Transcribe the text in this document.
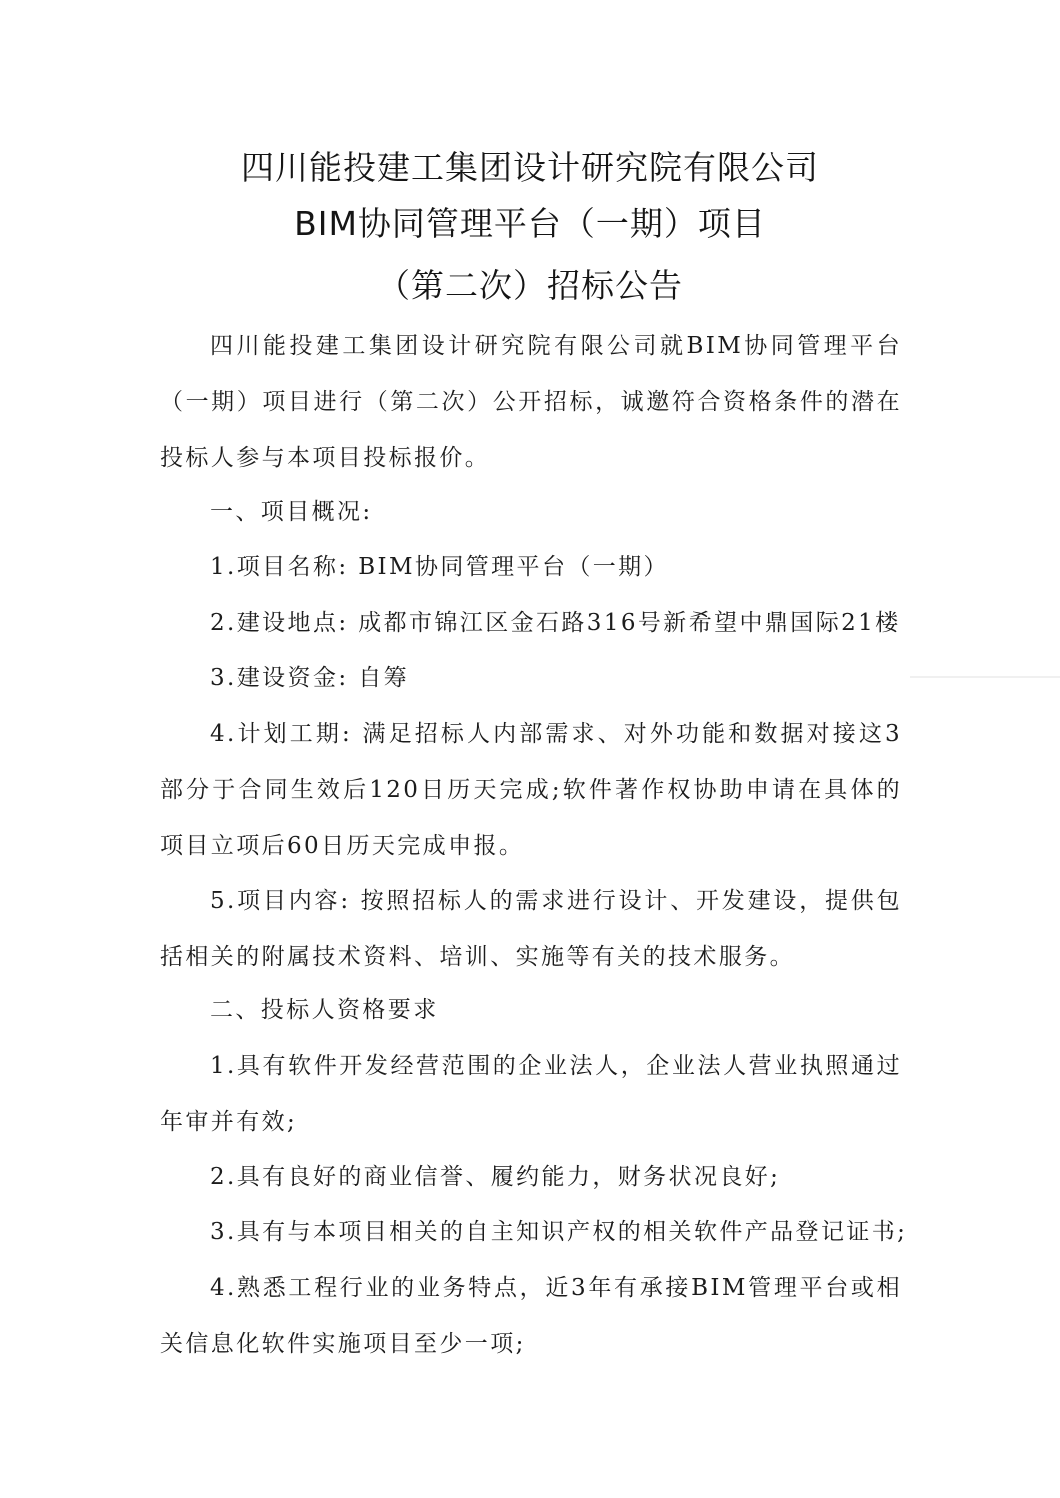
四川能投建工集团设计研究院有限公司
BIM协同管理平台（一期）项目
（第二次）招标公告
四川能投建工集团设计研究院有限公司就BIM协同管理平台（一期）项目进行（第二次）公开招标，诚邀符合资格条件的潜在投标人参与本项目投标报价。
一、项目概况:
1.项目名称: BIM协同管理平台（一期）
2.建设地点: 成都市锦江区金石路316号新希望中鼎国际21楼
3.建设资金: 自筹
4.计划工期: 满足招标人内部需求、对外功能和数据对接这3部分于合同生效后120日历天完成;软件著作权协助申请在具体的项目立项后60日历天完成申报。
5.项目内容: 按照招标人的需求进行设计、开发建设，提供包括相关的附属技术资料、培训、实施等有关的技术服务。
二、投标人资格要求
1.具有软件开发经营范围的企业法人，企业法人营业执照通过年审并有效;
2.具有良好的商业信誉、履约能力，财务状况良好;
3.具有与本项目相关的自主知识产权的相关软件产品登记证书;
4.熟悉工程行业的业务特点，近3年有承接BIM管理平台或相关信息化软件实施项目至少一项;
